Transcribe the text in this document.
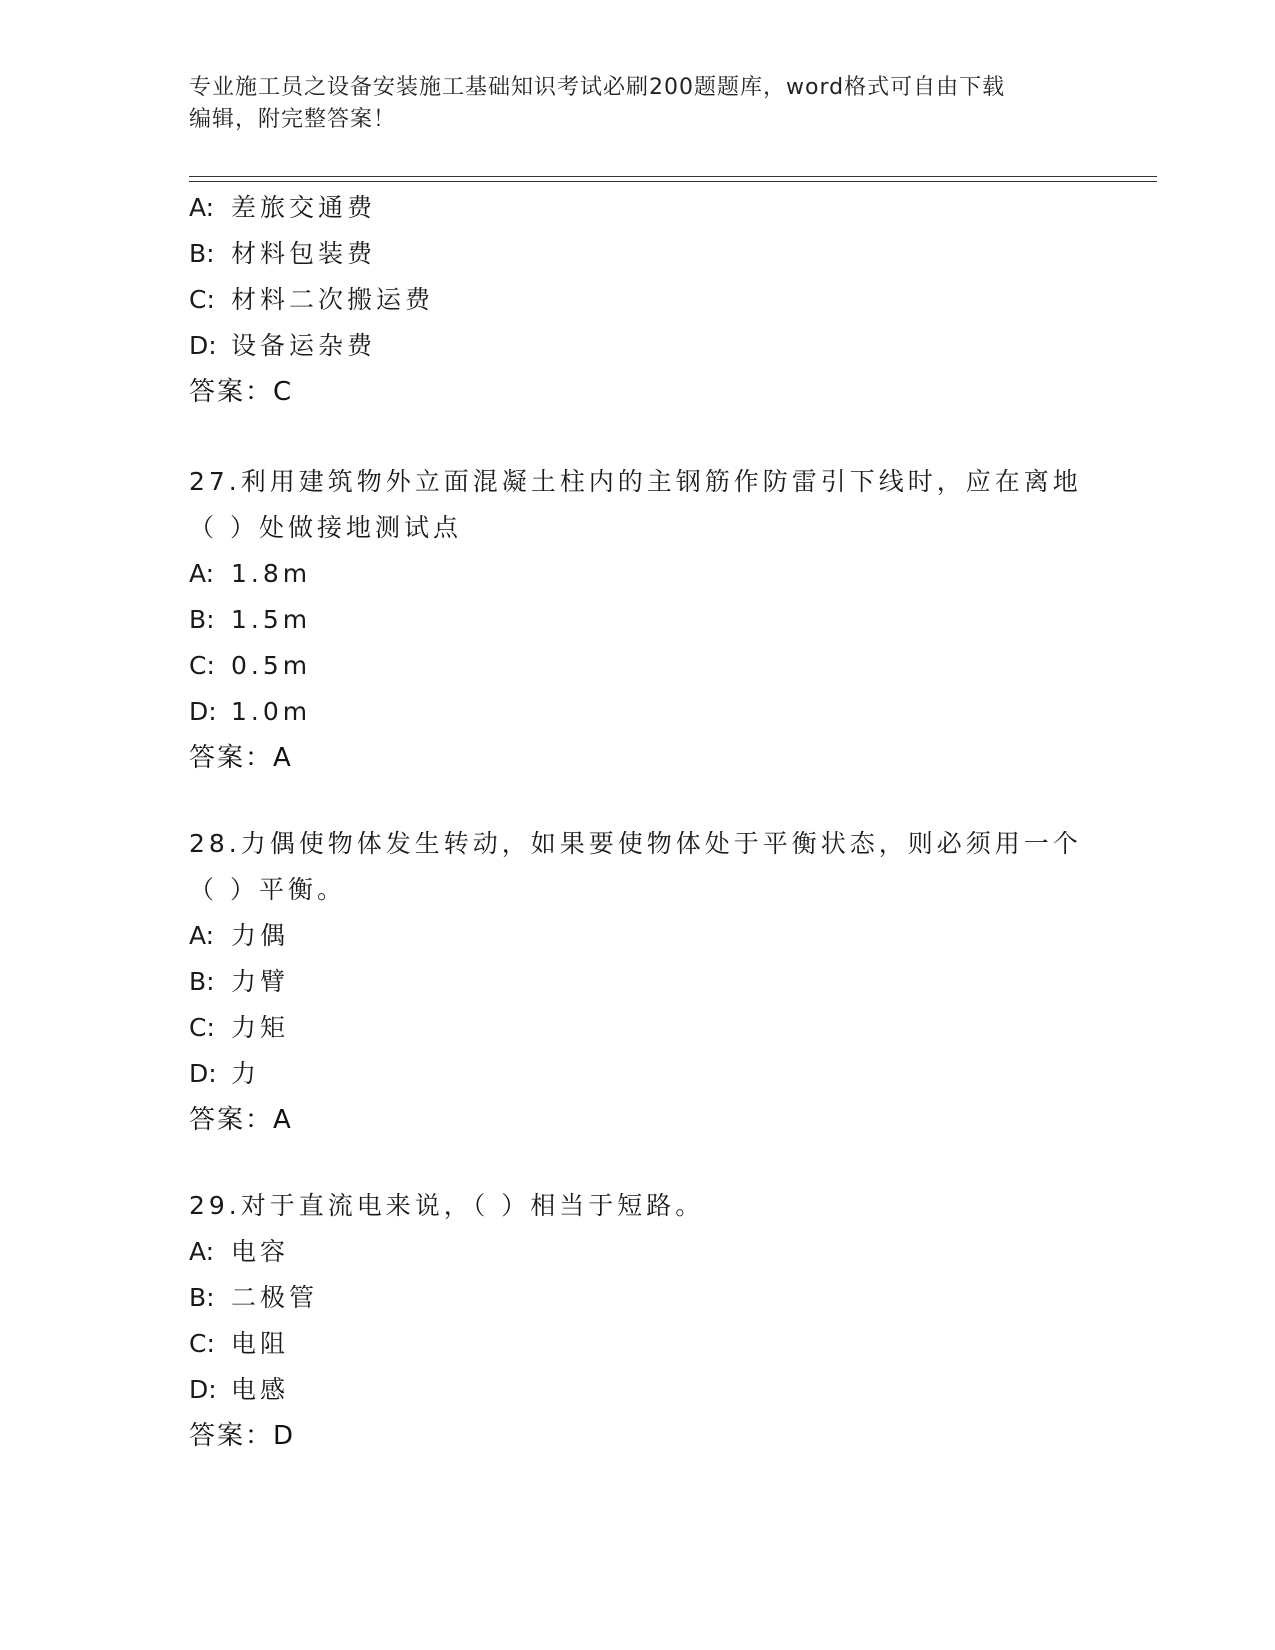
专业施工员之设备安装施工基础知识考试必刷200题题库，word格式可自由下载
编辑，附完整答案！
A: 差旅交通费
B: 材料包装费
C: 材料二次搬运费
D: 设备运杂费
答案：C
27.利用建筑物外立面混凝土柱内的主钢筋作防雷引下线时，应在离地
（ ）处做接地测试点
A: 1.8m
B: 1.5m
C: 0.5m
D: 1.0m
答案：A
28.力偶使物体发生转动，如果要使物体处于平衡状态，则必须用一个
（ ）平衡。
A: 力偶
B: 力臂
C: 力矩
D: 力
答案：A
29.对于直流电来说，（ ）相当于短路。
A: 电容
B: 二极管
C: 电阻
D: 电感
答案：D
